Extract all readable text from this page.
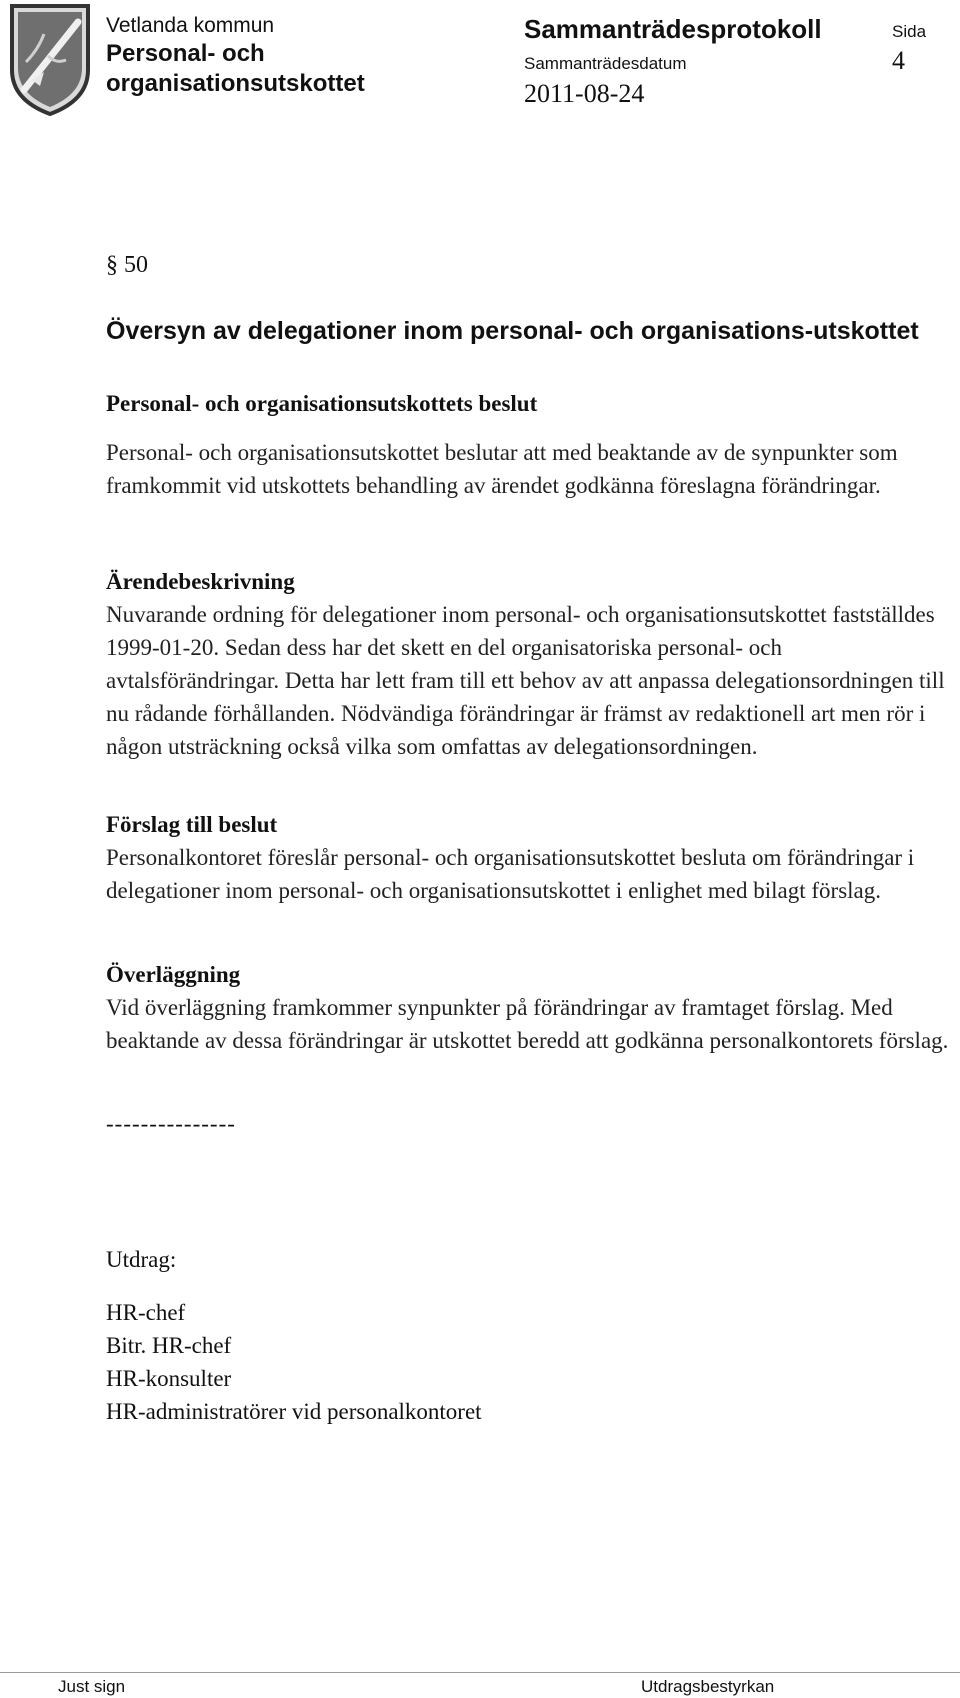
Vetlanda kommun
Personal- och
organisationsutskottet
Sammanträdesprotokoll
Sammanträdesdatum
2011-08-24
Sida
4
§ 50
Översyn av delegationer inom personal- och organisations-utskottet
Personal- och organisationsutskottets beslut
Personal- och organisationsutskottet beslutar att med beaktande av de synpunkter som framkommit vid utskottets behandling av ärendet godkänna föreslagna förändringar.
Ärendebeskrivning
Nuvarande ordning för delegationer inom personal- och organisationsutskottet fastställdes 1999-01-20. Sedan dess har det skett en del organisatoriska personal- och avtalsförändringar. Detta har lett fram till ett behov av att anpassa delegationsordningen till nu rådande förhållanden. Nödvändiga förändringar är främst av redaktionell art men rör i någon utsträckning också vilka som omfattas av delegationsordningen.
Förslag till beslut
Personalkontoret föreslår personal- och organisationsutskottet besluta om förändringar i delegationer inom personal- och organisationsutskottet i enlighet med bilagt förslag.
Överläggning
Vid överläggning framkommer synpunkter på förändringar av framtaget förslag. Med beaktande av dessa förändringar är utskottet beredd att godkänna personalkontorets förslag.
---------------
Utdrag:
HR-chef
Bitr. HR-chef
HR-konsulter
HR-administratörer vid personalkontoret
Just sign	Utdragsbestyrkan
